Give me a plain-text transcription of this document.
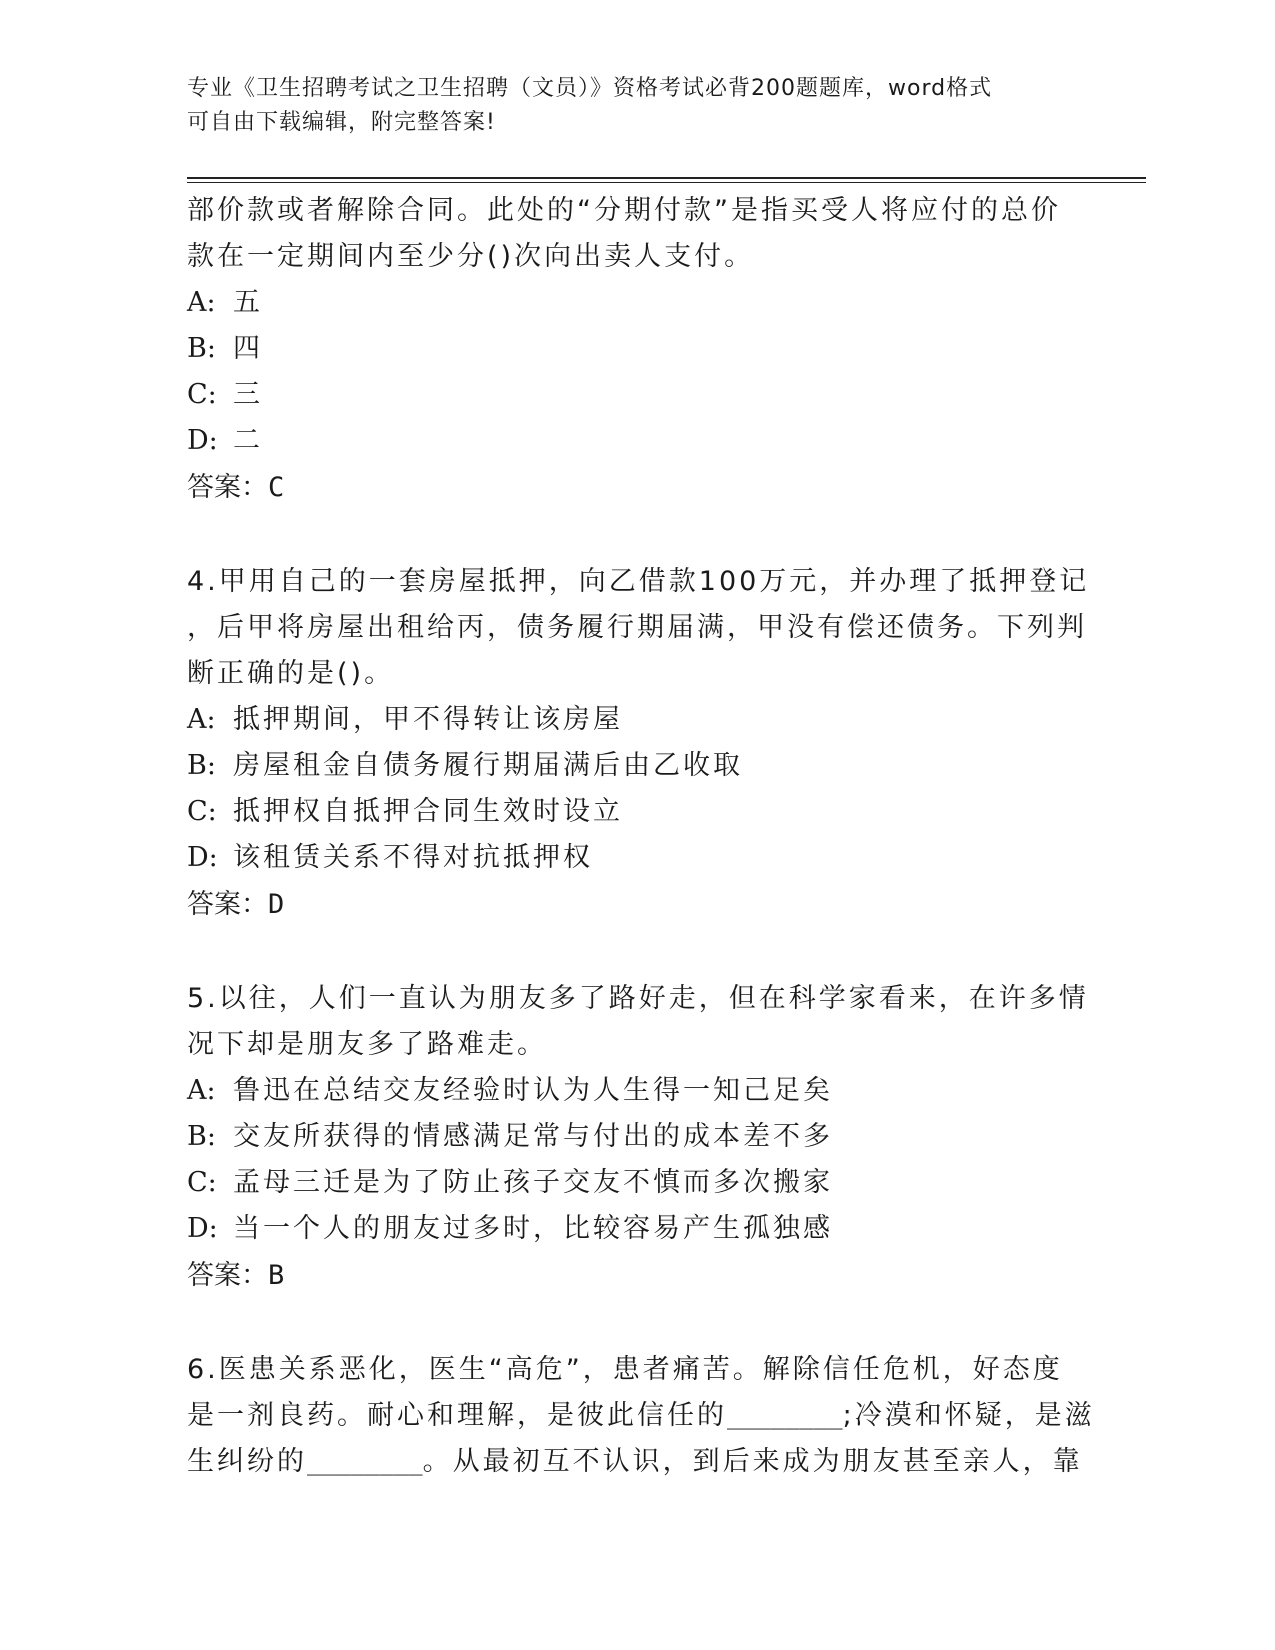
专业《卫生招聘考试之卫生招聘（文员）》资格考试必背200题题库，word格式
可自由下载编辑，附完整答案!
部价款或者解除合同。此处的“分期付款”是指买受人将应付的总价
款在一定期间内至少分()次向出卖人支付。
A: 五
B: 四
C: 三
D: 二
答案：C
4.甲用自己的一套房屋抵押，向乙借款100万元，并办理了抵押登记
，后甲将房屋出租给丙，债务履行期届满，甲没有偿还债务。下列判
断正确的是()。
A: 抵押期间，甲不得转让该房屋
B: 房屋租金自债务履行期届满后由乙收取
C: 抵押权自抵押合同生效时设立
D: 该租赁关系不得对抗抵押权
答案：D
5.以往，人们一直认为朋友多了路好走，但在科学家看来，在许多情
况下却是朋友多了路难走。
A: 鲁迅在总结交友经验时认为人生得一知己足矣
B: 交友所获得的情感满足常与付出的成本差不多
C: 孟母三迁是为了防止孩子交友不慎而多次搬家
D: 当一个人的朋友过多时，比较容易产生孤独感
答案：B
6.医患关系恶化，医生“高危”，患者痛苦。解除信任危机，好态度
是一剂良药。耐心和理解，是彼此信任的________;冷漠和怀疑，是滋
生纠纷的________。从最初互不认识，到后来成为朋友甚至亲人，靠
